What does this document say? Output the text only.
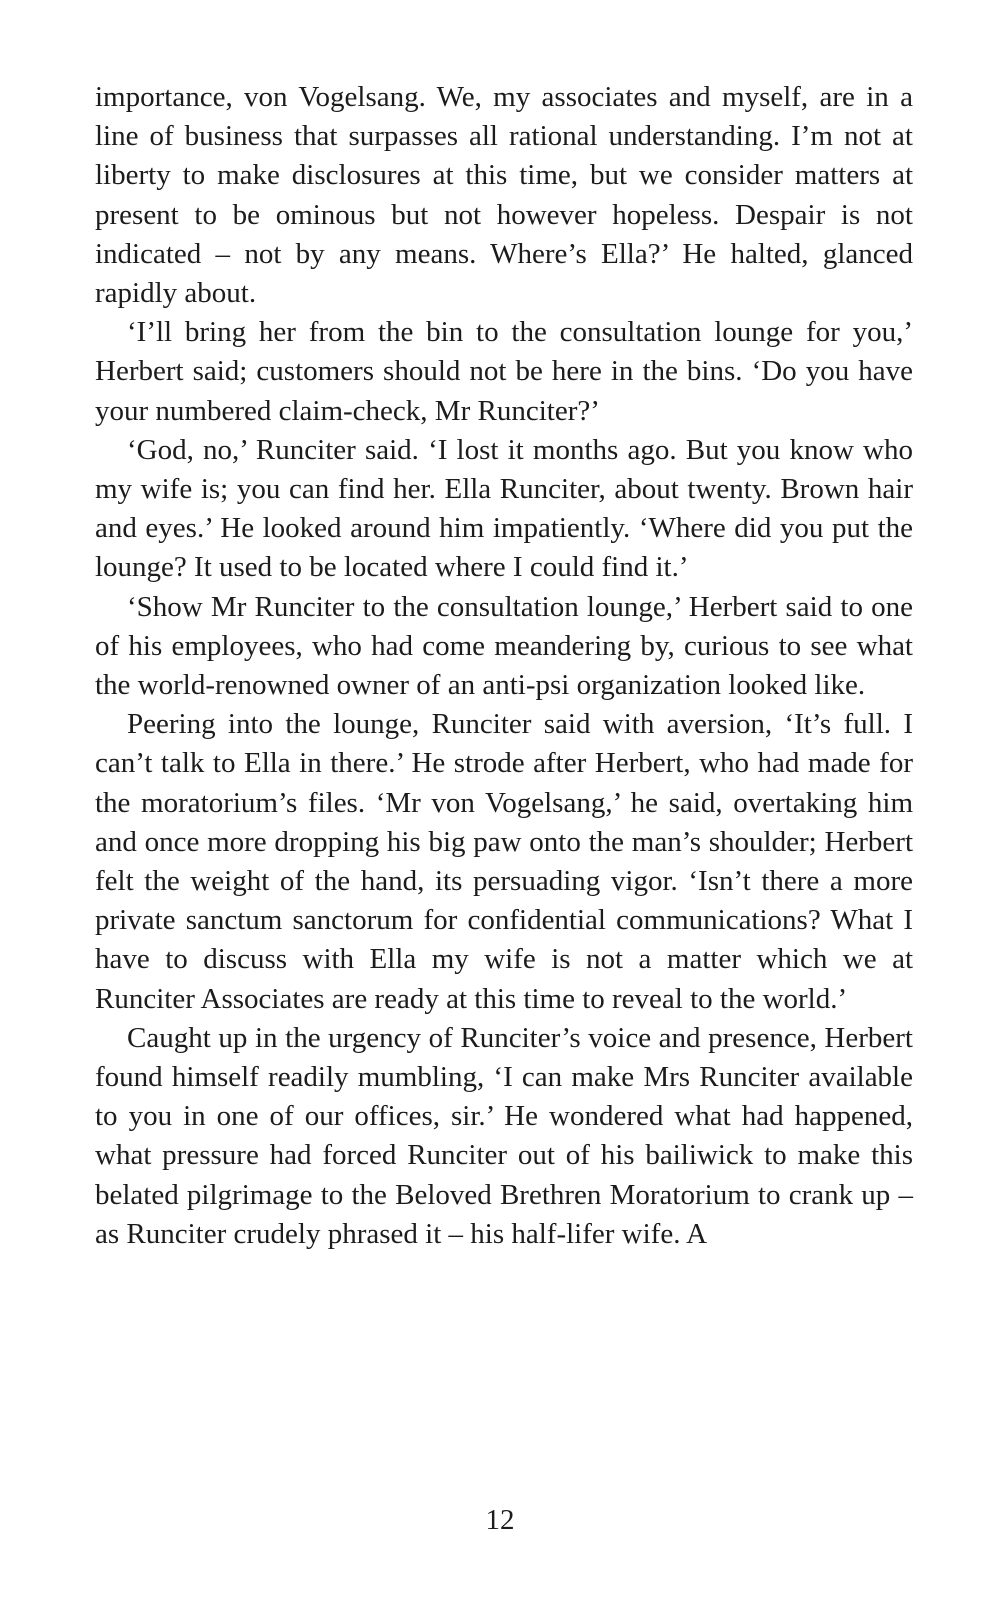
importance, von Vogelsang. We, my associates and myself, are in a line of business that surpasses all rational understanding. I’m not at liberty to make disclosures at this time, but we consider matters at present to be ominous but not however hopeless. Despair is not indicated – not by any means. Where’s Ella?’ He halted, glanced rapidly about.

‘I’ll bring her from the bin to the consultation lounge for you,’ Herbert said; customers should not be here in the bins. ‘Do you have your numbered claim-check, Mr Runciter?’

‘God, no,’ Runciter said. ‘I lost it months ago. But you know who my wife is; you can find her. Ella Runciter, about twenty. Brown hair and eyes.’ He looked around him impatiently. ‘Where did you put the lounge? It used to be located where I could find it.’

‘Show Mr Runciter to the consultation lounge,’ Herbert said to one of his employees, who had come meandering by, curious to see what the world-renowned owner of an anti-psi organization looked like.

Peering into the lounge, Runciter said with aversion, ‘It’s full. I can’t talk to Ella in there.’ He strode after Herbert, who had made for the moratorium’s files. ‘Mr von Vogelsang,’ he said, overtaking him and once more dropping his big paw onto the man’s shoulder; Herbert felt the weight of the hand, its persuading vigor. ‘Isn’t there a more private sanctum sanctorum for confidential communications? What I have to discuss with Ella my wife is not a matter which we at Runciter Associates are ready at this time to reveal to the world.’

Caught up in the urgency of Runciter’s voice and presence, Herbert found himself readily mumbling, ‘I can make Mrs Runciter available to you in one of our offices, sir.’ He wondered what had happened, what pressure had forced Runciter out of his bailiwick to make this belated pilgrimage to the Beloved Brethren Moratorium to crank up – as Runciter crudely phrased it – his half-lifer wife. A

12
